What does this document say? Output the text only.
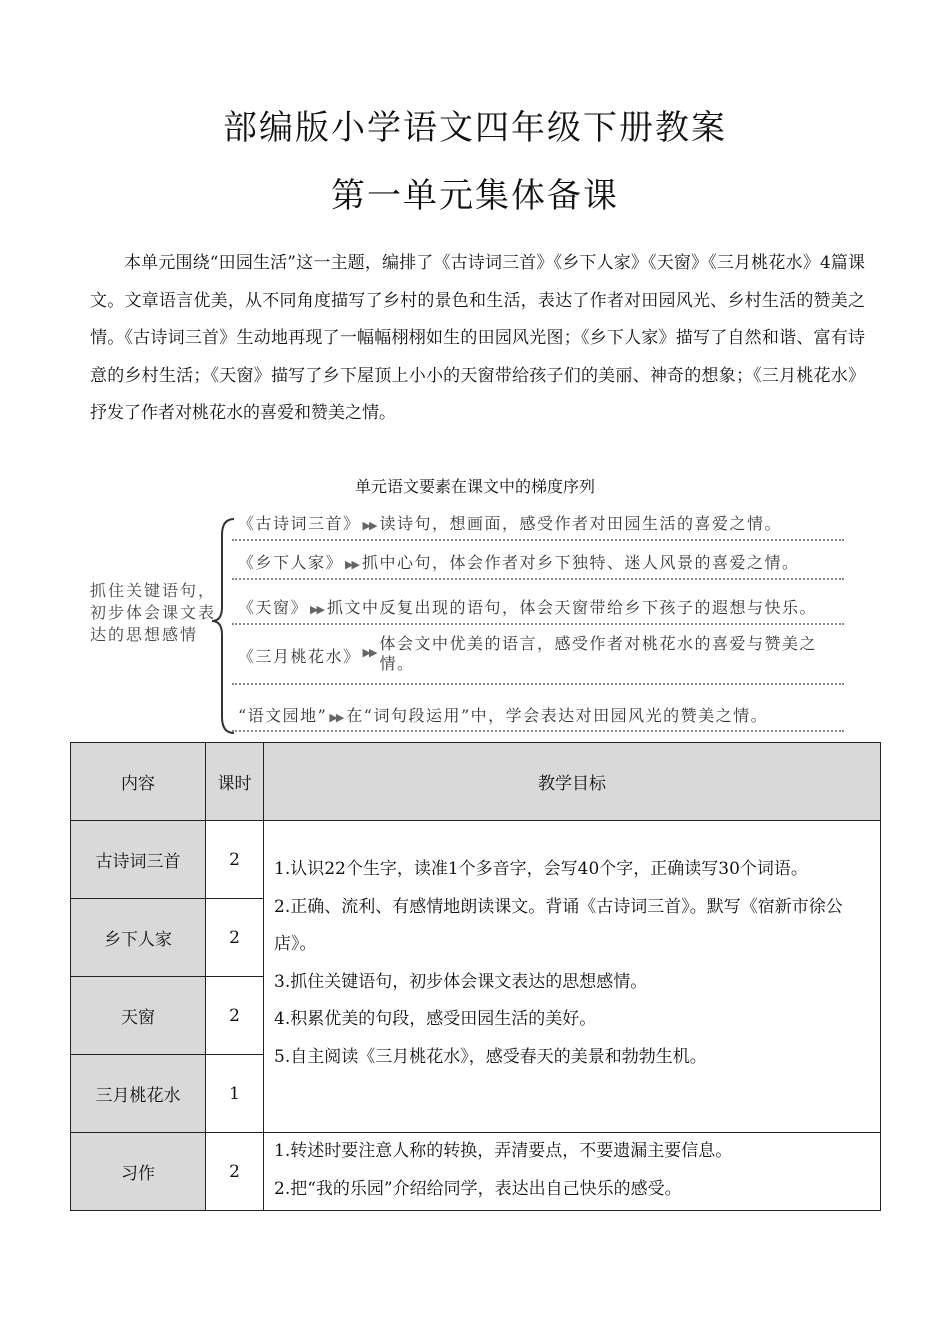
部编版小学语文四年级下册教案
第一单元集体备课
本单元围绕“田园生活”这一主题，编排了《古诗词三首》《乡下人家》《天窗》《三月桃花水》4篇课文。文章语言优美，从不同角度描写了乡村的景色和生活，表达了作者对田园风光、乡村生活的赞美之情。《古诗词三首》生动地再现了一幅幅栩栩如生的田园风光图；《乡下人家》描写了自然和谐、富有诗意的乡村生活；《天窗》描写了乡下屋顶上小小的天窗带给孩子们的美丽、神奇的想象；《三月桃花水》抒发了作者对桃花水的喜爱和赞美之情。
单元语文要素在课文中的梯度序列
抓住关键语句，初步体会课文表达的思想感情
《古诗词三首》 ▶▶ 读诗句，想画面，感受作者对田园生活的喜爱之情。
《乡下人家》 ▶▶ 抓中心句，体会作者对乡下独特、迷人风景的喜爱之情。
《天窗》 ▶▶ 抓文中反复出现的语句，体会天窗带给乡下孩子的遐想与快乐。
《三月桃花水》 ▶▶ 体会文中优美的语言，感受作者对桃花水的喜爱与赞美之情。
“语文园地” ▶▶ 在“词句段运用”中，学会表达对田园风光的赞美之情。
内容	课时	教学目标
古诗词三首	2	1.认识22个生字，读准1个多音字，会写40个字，正确读写30个词语。
2.正确、流利、有感情地朗读课文。背诵《古诗词三首》。默写《宿新市徐公店》。
3.抓住关键语句，初步体会课文表达的思想感情。
4.积累优美的句段，感受田园生活的美好。
5.自主阅读《三月桃花水》，感受春天的美景和勃勃生机。

乡下人家	2	
天窗	2	
三月桃花水	1	
习作	2	1.转述时要注意人称的转换，弄清要点，不要遗漏主要信息。
2.把“我的乐园”介绍给同学，表达出自己快乐的感受。
